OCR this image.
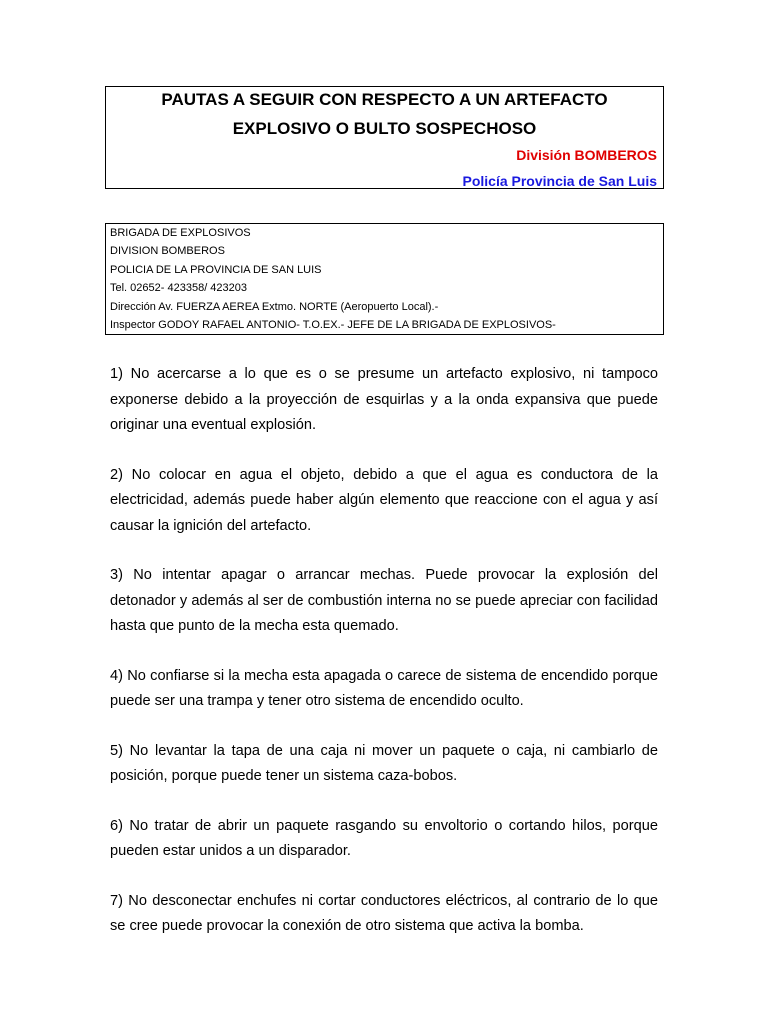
PAUTAS A SEGUIR CON RESPECTO A UN ARTEFACTO
EXPLOSIVO O BULTO SOSPECHOSO
División BOMBEROS
Policía Provincia de San Luis
BRIGADA DE EXPLOSIVOS
DIVISION BOMBEROS
POLICIA DE LA PROVINCIA DE SAN LUIS
Tel. 02652- 423358/ 423203
Dirección Av. FUERZA AEREA Extmo. NORTE (Aeropuerto Local).-
Inspector GODOY RAFAEL ANTONIO- T.O.EX.- JEFE DE LA BRIGADA DE EXPLOSIVOS-

1) No acercarse a lo que es o se presume un artefacto explosivo, ni tampoco exponerse debido a la proyección de esquirlas y a la onda expansiva que puede originar una eventual explosión.

2) No colocar en agua el objeto, debido a que el agua es conductora de la electricidad, además puede haber algún elemento que reaccione con el agua y así causar la ignición del artefacto.

3) No intentar apagar o arrancar mechas. Puede provocar la explosión del detonador y además al ser de combustión interna no se puede apreciar con facilidad hasta que punto de la mecha esta quemado.

4) No confiarse si la mecha esta apagada o carece de sistema de encendido porque puede ser una trampa y tener otro sistema de encendido oculto.

5) No levantar la tapa de una caja ni mover un paquete o caja, ni cambiarlo de posición, porque puede tener un sistema caza-bobos.

6) No tratar de abrir un paquete rasgando su envoltorio o cortando hilos, porque pueden estar unidos a un disparador.

7) No desconectar enchufes ni cortar conductores eléctricos, al contrario de lo que se cree puede provocar la conexión de otro sistema que activa la bomba.
